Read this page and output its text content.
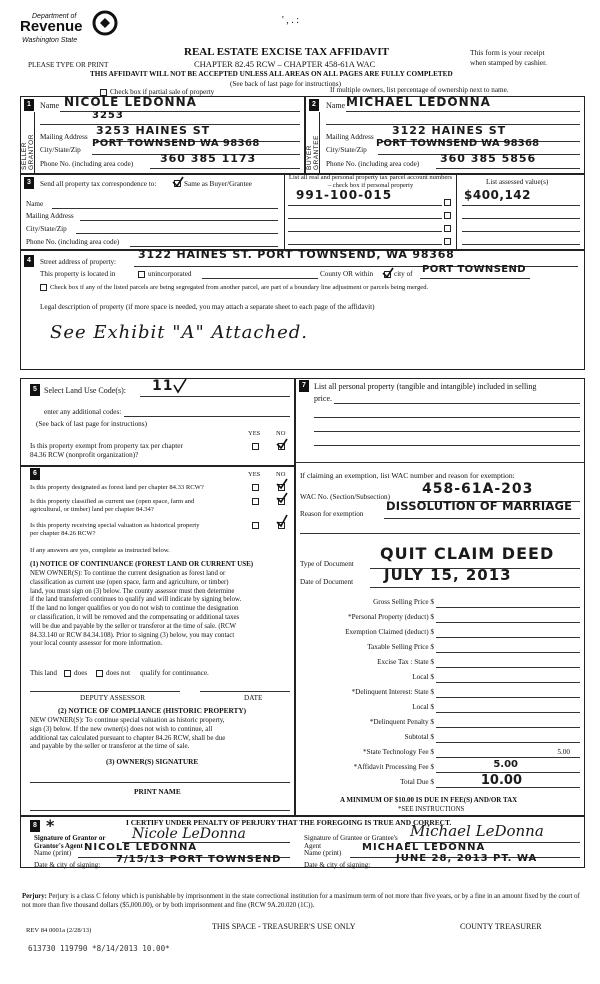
Department of
Revenue
Washington State
PLEASE TYPE OR PRINT
REAL ESTATE EXCISE TAX AFFIDAVIT
CHAPTER 82.45 RCW – CHAPTER 458-61A WAC
THIS AFFIDAVIT WILL NOT BE ACCEPTED UNLESS ALL AREAS ON ALL PAGES ARE FULLY COMPLETED
(See back of last page for instructions)
This form is your receipt
when stamped by cashier.
' , . :
Check box if partial sale of property	If multiple owners, list percentage of ownership next to name.
1
SELLER GRANTOR
Name NICOLE LEDONNA
3253
Mailing Address 3253 HAINES ST
City/State/Zip
PORT TOWNSEND WA 98368
Phone No. (including area code) 360 385 1173
2
BUYER GRANTEE
Name MICHAEL LEDONNA
Mailing Address 3122 HAINES ST
City/State/Zip
PORT TOWNSEND WA 98368
Phone No. (including area code) 360 385 5856
3	Send all property tax correspondence to:	Same as Buyer/Grantee
Name
Mailing Address
City/State/Zip
Phone No. (including area code)
List all real and personal property tax parcel account numbers – check box if personal property
991-100-015
List assessed value(s)
$400,142
4	Street address of property:
3122 HAINES ST. PORT TOWNSEND, WA 98368
This property is located in	unincorporated	County OR within	city of PORT TOWNSEND
Check box if any of the listed parcels are being segregated from another parcel, are part of a boundary line adjustment or parcels being merged.
Legal description of property (if more space is needed, you may attach a separate sheet to each page of the affidavit)
See Exhibit "A" Attached.
5 Select Land Use Code(s): 11
enter any additional codes:
(See back of last page for instructions)
YES NO
Is this property exempt from property tax per chapter
84.36 RCW (nonprofit organization)?
6	YES NO
Is this property designated as forest land per chapter 84.33 RCW?
Is this property classified as current use (open space, farm and
agricultural, or timber) land per chapter 84.34?
Is this property receiving special valuation as historical property
per chapter 84.26 RCW?
If any answers are yes, complete as instructed below.
(1) NOTICE OF CONTINUANCE (FOREST LAND OR CURRENT USE)
NEW OWNER(S): To continue the current designation as forest land or
classification as current use (open space, farm and agriculture, or timber)
land, you must sign on (3) below. The county assessor must then determine
if the land transferred continues to qualify and will indicate by signing below.
If the land no longer qualifies or you do not wish to continue the designation
or classification, it will be removed and the compensating or additional taxes
will be due and payable by the seller or transferor at the time of sale. (RCW
84.33.140 or RCW 84.34.108). Prior to signing (3) below, you may contact
your local county assessor for more information.
This land does	does not qualify for continuance.
DEPUTY ASSESSOR	DATE
(2) NOTICE OF COMPLIANCE (HISTORIC PROPERTY)
NEW OWNER(S): To continue special valuation as historic property,
sign (3) below. If the new owner(s) does not wish to continue, all
additional tax calculated pursuant to chapter 84.26 RCW, shall be due
and payable by the seller or transferor at the time of sale.
(3) OWNER(S) SIGNATURE
PRINT NAME
7	List all personal property (tangible and intangible) included in selling
price.
If claiming an exemption, list WAC number and reason for exemption:
WAC No. (Section/Subsection) 458-61A-203
Reason for exemption
DISSOLUTION OF MARRIAGE
Type of Document
QUIT CLAIM DEED
Date of Document JULY 15, 2013
Gross Selling Price $
*Personal Property (deduct) $
Exemption Claimed (deduct) $
Taxable Selling Price $
Excise Tax : State $
Local $
*Delinquent Interest: State $
Local $
*Delinquent Penalty $
Subtotal $
*State Technology Fee $	5.00
*Affidavit Processing Fee $	5.00
Total Due $	10.00
A MINIMUM OF $10.00 IS DUE IN FEE(S) AND/OR TAX
*SEE INSTRUCTIONS
8 *	I CERTIFY UNDER PENALTY OF PERJURY THAT THE FOREGOING IS TRUE AND CORRECT.
Signature of Grantor or Grantor's Agent
Nicole LeDonna
Name (print) NICOLE LEDONNA
Date & city of signing: 7/15/13 PORT TOWNSEND
Signature of Grantee or Grantee's Agent
Michael LeDonna
Name (print) MICHAEL LEDONNA
Date & city of signing:
JUNE 28, 2013 PT. WA
Perjury: Perjury is a class C felony which is punishable by imprisonment in the state correctional institution for a maximum term of not more than five years, or by a fine in an amount fixed by the court of not more than five thousand dollars ($5,000.00), or by both imprisonment and fine (RCW 9A.20.020 (1C)).
REV 84 0001a (2/28/13)	THIS SPACE - TREASURER'S USE ONLY	COUNTY TREASURER
613730 119790 *8/14/2013 10.00*
